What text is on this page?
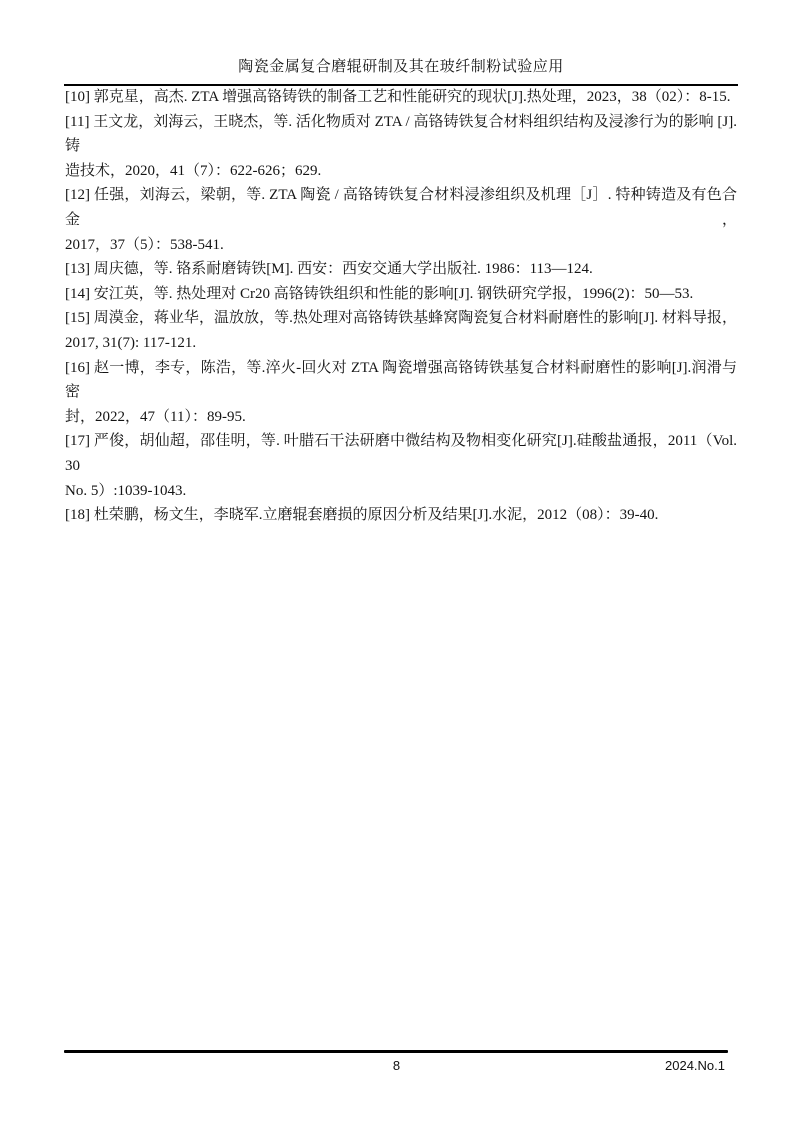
陶瓷金属复合磨辊研制及其在玻纤制粉试验应用
[10] 郭克星，高杰. ZTA 增强高铬铸铁的制备工艺和性能研究的现状[J].热处理，2023，38（02）：8-15.
[11] 王文龙，刘海云，王晓杰，等. 活化物质对 ZTA / 高铬铸铁复合材料组织结构及浸渗行为的影响 [J]. 铸
造技术，2020，41（7）：622-626；629.
[12] 任强，刘海云，梁朝，等. ZTA 陶瓷 / 高铬铸铁复合材料浸渗组织及机理［J］. 特种铸造及有色合金，
2017，37（5）：538-541.
[13] 周庆德，等. 铬系耐磨铸铁[M]. 西安：西安交通大学出版社. 1986：113—124.
[14] 安江英，等. 热处理对 Cr20 高铬铸铁组织和性能的影响[J]. 钢铁研究学报，1996(2)：50—53.
[15] 周漠金，蒋业华，温放放，等.热处理对高铬铸铁基蜂窝陶瓷复合材料耐磨性的影响[J]. 材料导报，
2017, 31(7): 117-121.
[16] 赵一博，李专，陈浩，等.淬火-回火对 ZTA 陶瓷增强高铬铸铁基复合材料耐磨性的影响[J].润滑与密
封，2022，47（11）：89-95.
[17] 严俊，胡仙超，邵佳明，等. 叶腊石干法研磨中微结构及物相变化研究[J].硅酸盐通报，2011（Vol. 30
No. 5）:1039-1043.
[18] 杜荣鹏，杨文生，李晓军.立磨辊套磨损的原因分析及结果[J].水泥，2012（08）：39-40.
8	2024.No.1
